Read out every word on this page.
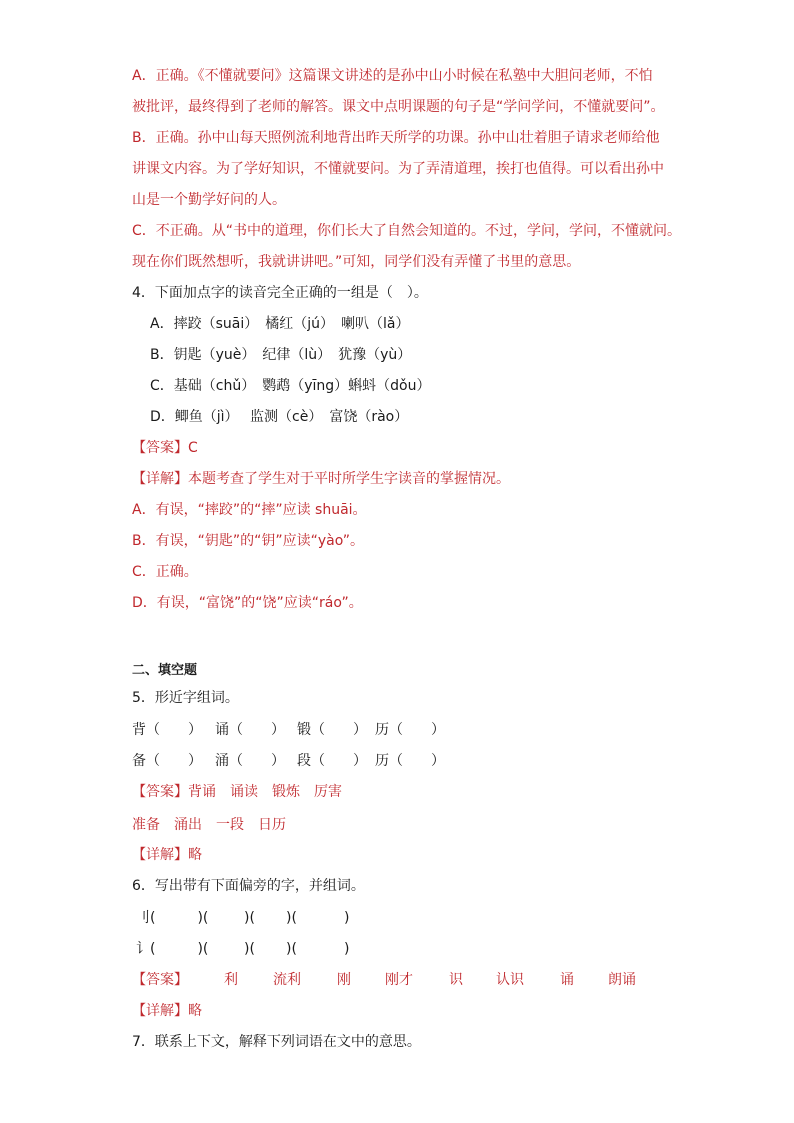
A．正确。《不懂就要问》这篇课文讲述的是孙中山小时候在私塾中大胆问老师，不怕
被批评，最终得到了老师的解答。课文中点明课题的句子是“学问学问，不懂就要问”。
B．正确。孙中山每天照例流利地背出昨天所学的功课。孙中山壮着胆子请求老师给他
讲课文内容。为了学好知识，不懂就要问。为了弄清道理，挨打也值得。可以看出孙中
山是一个勤学好问的人。
C．不正确。从“书中的道理，你们长大了自然会知道的。不过，学问，学问，不懂就问。
现在你们既然想听，我就讲讲吧。”可知，同学们没有弄懂了书里的意思。
4．下面加点字的读音完全正确的一组是（　）。
A．摔跤（suāi）　橘红（jú）　喇叭（lǎ）
B．钥匙（yuè）　纪律（lù）　犹豫（yù）
C．基础（chǔ）　鹦鹉（yīng）蝌蚪（dǒu）
D．鲫鱼（jì）　 监测（cè）　富饶（rào）
【答案】C
【详解】本题考查了学生对于平时所学生字读音的掌握情况。
A．有误，“摔跤”的“摔”应读 shuāi。
B．有误，“钥匙”的“钥”应读“yào”。
C．正确。
D．有误，“富饶”的“饶”应读“ráo”。
二、填空题
5．形近字组词。
背（　　） 诵（　　） 锻（　　） 历（　　）
备（　　） 涌（　　） 段（　　） 历（　　）
【答案】背诵　诵读　锻炼　厉害
准备　涌出　一段　日历
【详解】略
6．写出带有下面偏旁的字，并组词。
刂(　　　)(	)( )(	)
讠(　　　)(	)( )(	)
【答案】	利	流利	刚 刚才	识 认识	诵 朗诵
【详解】略
7．联系上下文，解释下列词语在文中的意思。
